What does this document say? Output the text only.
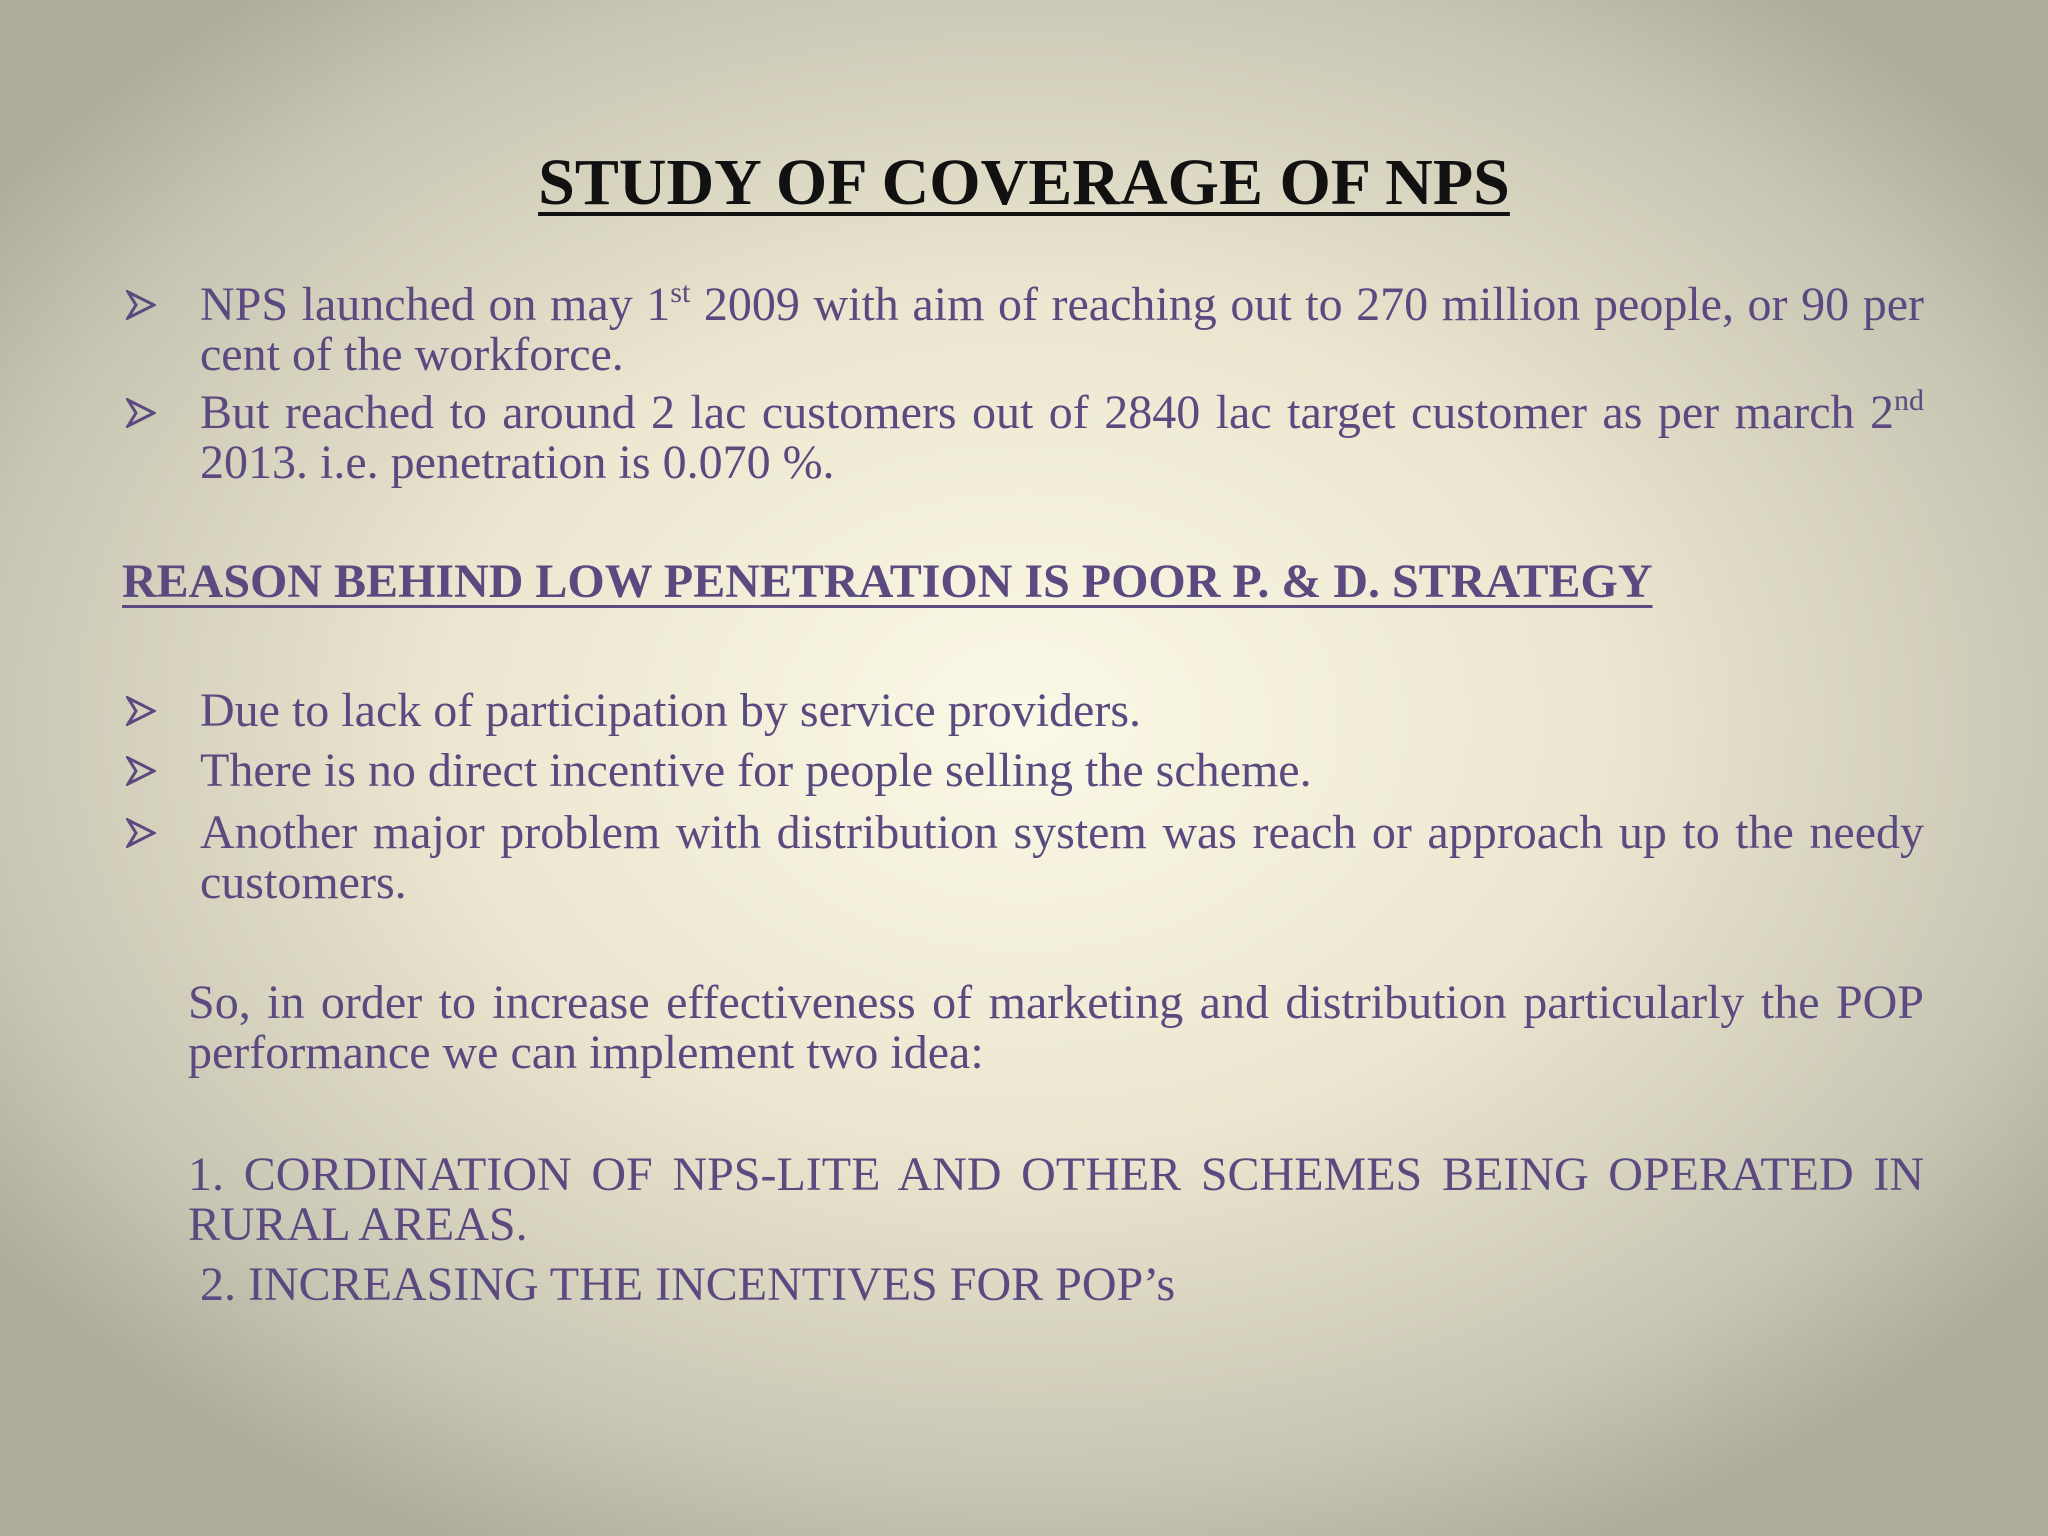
STUDY OF COVERAGE OF NPS
NPS launched on may 1st 2009 with aim of reaching out to 270 million people, or 90 per cent of the workforce.
But reached to around 2 lac customers out of 2840 lac target customer as per march 2nd 2013. i.e. penetration is 0.070 %.
REASON BEHIND LOW PENETRATION IS POOR P. & D. STRATEGY
Due to lack of participation by service providers.
There is no direct incentive for people selling the scheme.
Another major problem with distribution system was reach or approach up to the needy customers.
So, in order to increase effectiveness of marketing and distribution particularly the POP performance we can implement two idea:
1. CORDINATION OF NPS-LITE AND OTHER SCHEMES BEING OPERATED IN RURAL AREAS.
2. INCREASING THE INCENTIVES FOR POP’s
